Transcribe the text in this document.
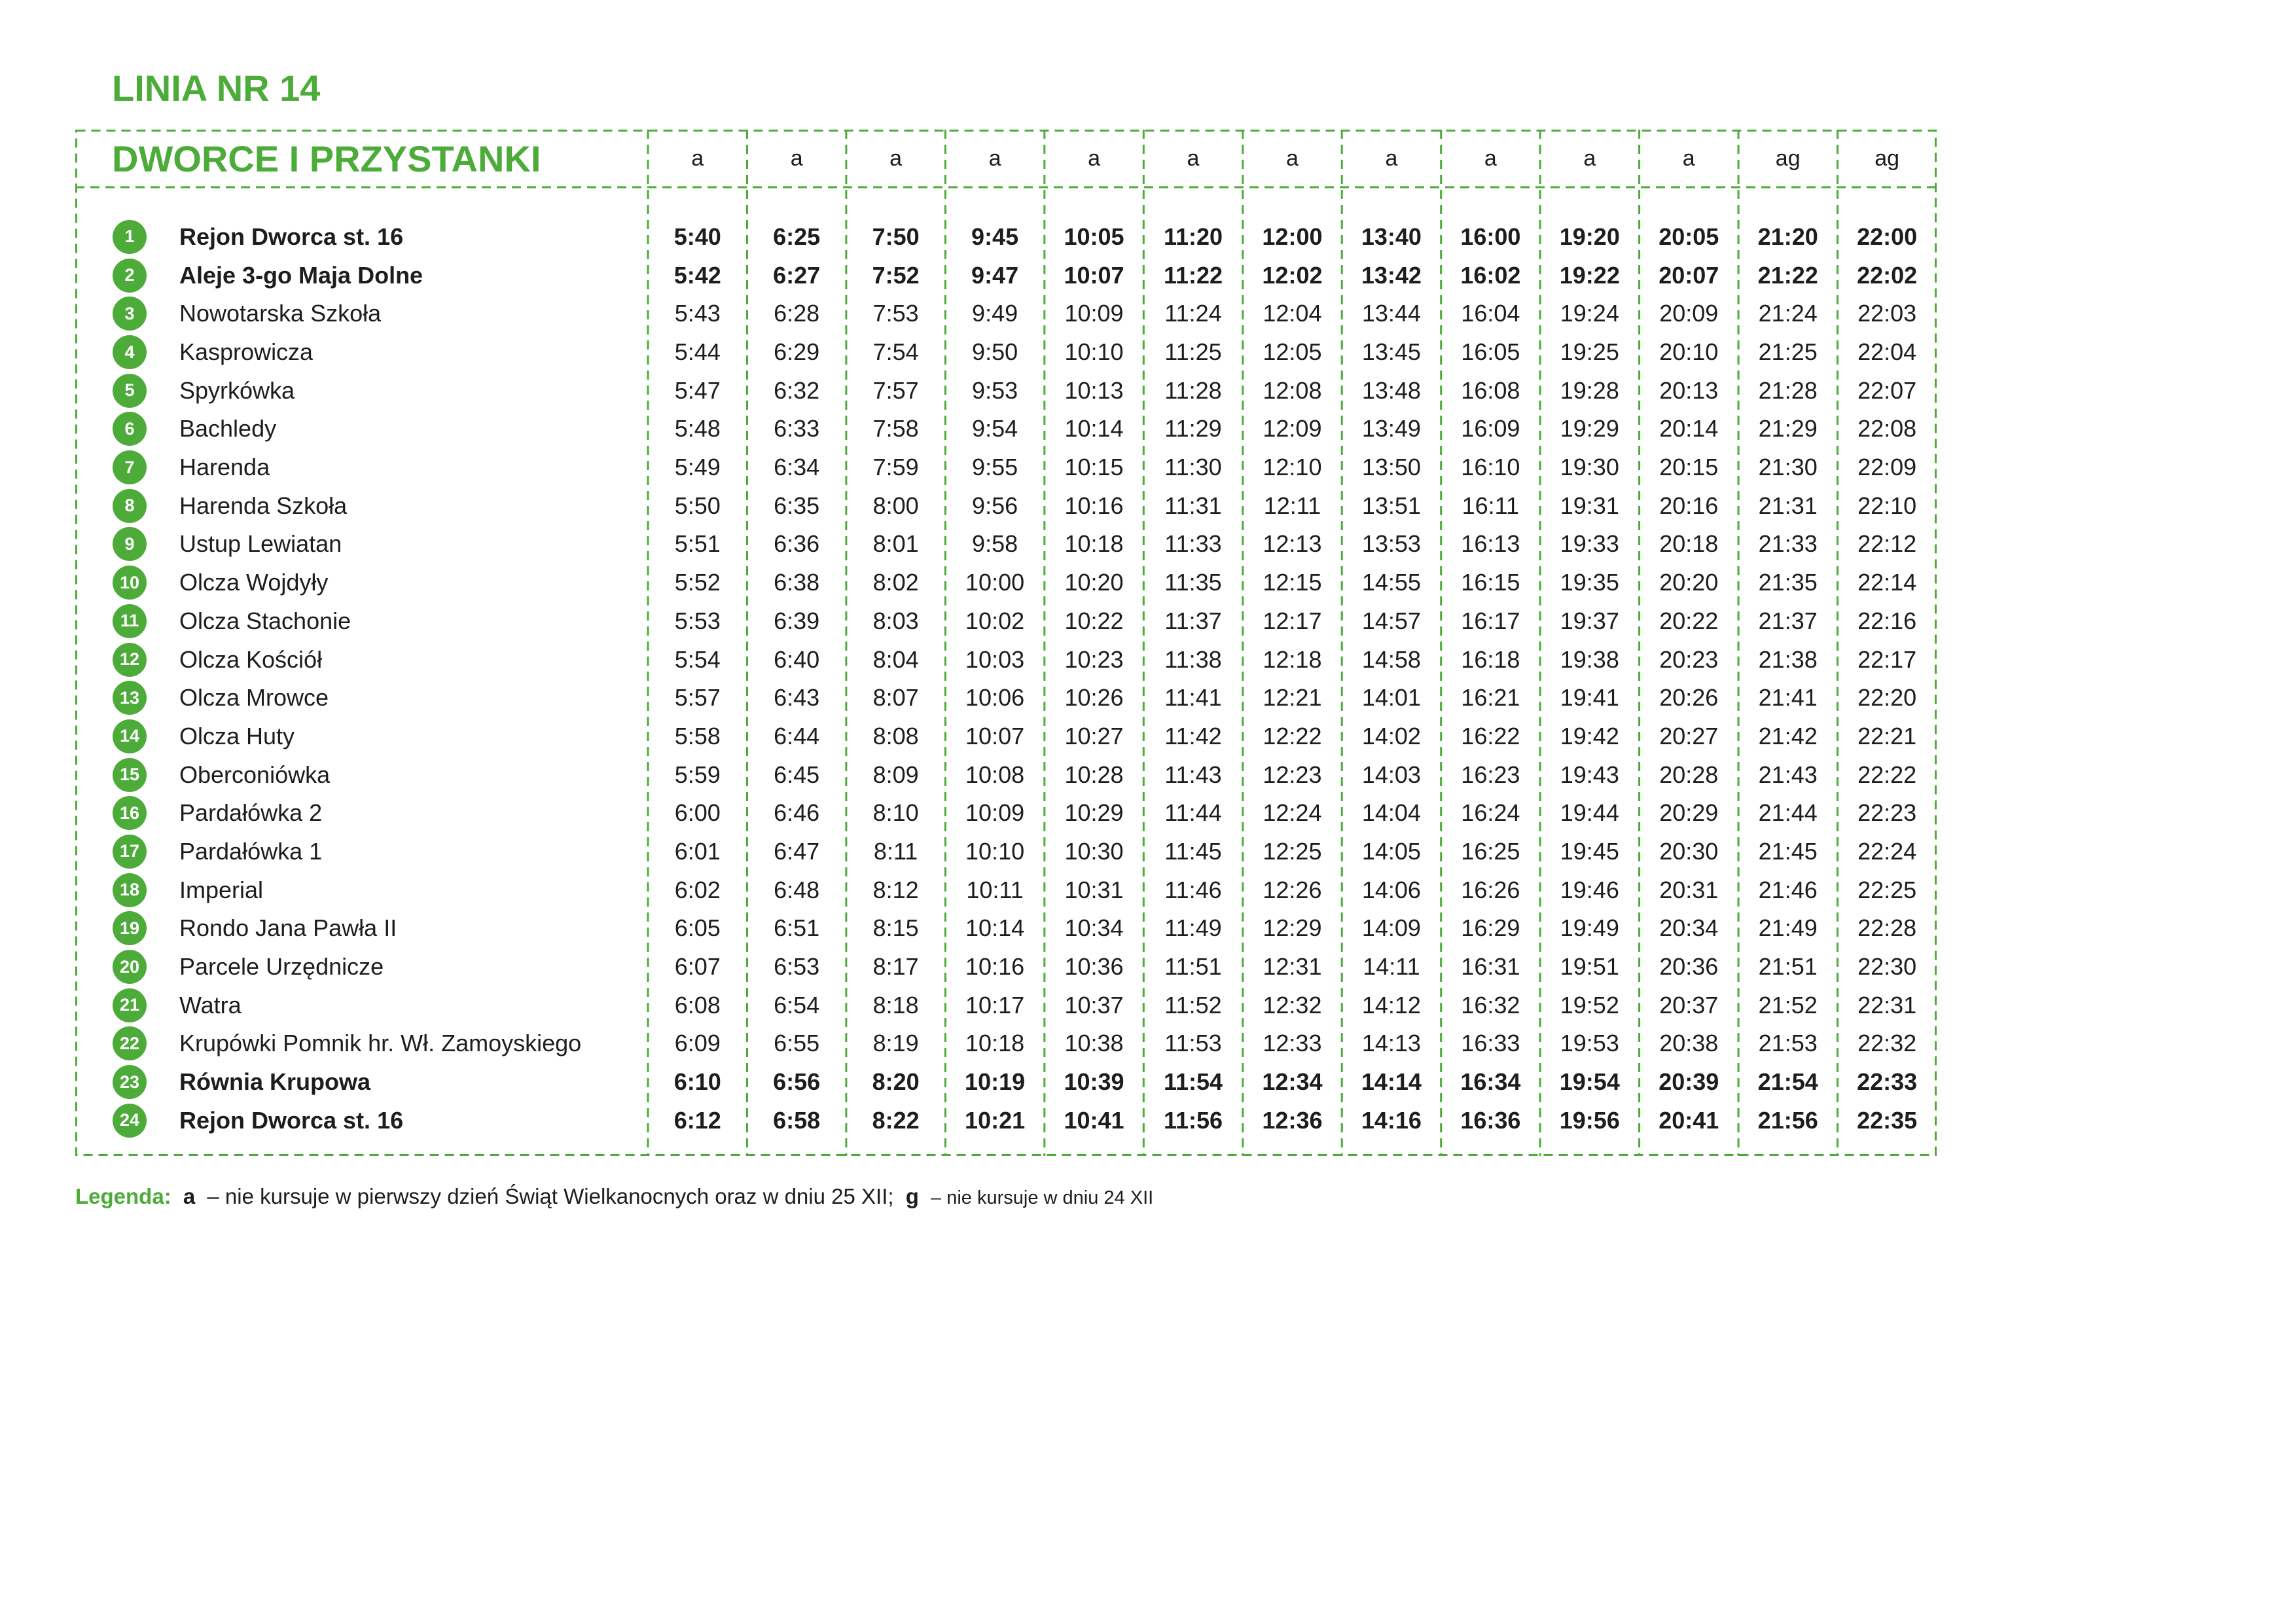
LINIA NR 14
DWORCE I PRZYSTANKI	a	a	a	a	a	a	a	a	a	a	a	ag	ag
1	Rejon Dworca st. 16	5:40	6:25	7:50	9:45	10:05	11:20	12:00	13:40	16:00	19:20	20:05	21:20	22:00
2	Aleje 3-go Maja Dolne	5:42	6:27	7:52	9:47	10:07	11:22	12:02	13:42	16:02	19:22	20:07	21:22	22:02
3	Nowotarska Szkoła	5:43	6:28	7:53	9:49	10:09	11:24	12:04	13:44	16:04	19:24	20:09	21:24	22:03
4	Kasprowicza	5:44	6:29	7:54	9:50	10:10	11:25	12:05	13:45	16:05	19:25	20:10	21:25	22:04
5	Spyrkówka	5:47	6:32	7:57	9:53	10:13	11:28	12:08	13:48	16:08	19:28	20:13	21:28	22:07
6	Bachledy	5:48	6:33	7:58	9:54	10:14	11:29	12:09	13:49	16:09	19:29	20:14	21:29	22:08
7	Harenda	5:49	6:34	7:59	9:55	10:15	11:30	12:10	13:50	16:10	19:30	20:15	21:30	22:09
8	Harenda Szkoła	5:50	6:35	8:00	9:56	10:16	11:31	12:11	13:51	16:11	19:31	20:16	21:31	22:10
9	Ustup Lewiatan	5:51	6:36	8:01	9:58	10:18	11:33	12:13	13:53	16:13	19:33	20:18	21:33	22:12
10	Olcza Wojdyły	5:52	6:38	8:02	10:00	10:20	11:35	12:15	14:55	16:15	19:35	20:20	21:35	22:14
11	Olcza Stachonie	5:53	6:39	8:03	10:02	10:22	11:37	12:17	14:57	16:17	19:37	20:22	21:37	22:16
12	Olcza Kościół	5:54	6:40	8:04	10:03	10:23	11:38	12:18	14:58	16:18	19:38	20:23	21:38	22:17
13	Olcza Mrowce	5:57	6:43	8:07	10:06	10:26	11:41	12:21	14:01	16:21	19:41	20:26	21:41	22:20
14	Olcza Huty	5:58	6:44	8:08	10:07	10:27	11:42	12:22	14:02	16:22	19:42	20:27	21:42	22:21
15	Oberconiówka	5:59	6:45	8:09	10:08	10:28	11:43	12:23	14:03	16:23	19:43	20:28	21:43	22:22
16	Pardałówka 2	6:00	6:46	8:10	10:09	10:29	11:44	12:24	14:04	16:24	19:44	20:29	21:44	22:23
17	Pardałówka 1	6:01	6:47	8:11	10:10	10:30	11:45	12:25	14:05	16:25	19:45	20:30	21:45	22:24
18	Imperial	6:02	6:48	8:12	10:11	10:31	11:46	12:26	14:06	16:26	19:46	20:31	21:46	22:25
19	Rondo Jana Pawła II	6:05	6:51	8:15	10:14	10:34	11:49	12:29	14:09	16:29	19:49	20:34	21:49	22:28
20	Parcele Urzędnicze	6:07	6:53	8:17	10:16	10:36	11:51	12:31	14:11	16:31	19:51	20:36	21:51	22:30
21	Watra	6:08	6:54	8:18	10:17	10:37	11:52	12:32	14:12	16:32	19:52	20:37	21:52	22:31
22	Krupówki Pomnik hr. Wł. Zamoyskiego	6:09	6:55	8:19	10:18	10:38	11:53	12:33	14:13	16:33	19:53	20:38	21:53	22:32
23	Równia Krupowa	6:10	6:56	8:20	10:19	10:39	11:54	12:34	14:14	16:34	19:54	20:39	21:54	22:33
24	Rejon Dworca st. 16	6:12	6:58	8:22	10:21	10:41	11:56	12:36	14:16	16:36	19:56	20:41	21:56	22:35
Legenda: a – nie kursuje w pierwszy dzień Świąt Wielkanocnych oraz w dniu 25 XII; g – nie kursuje w dniu 24 XII
